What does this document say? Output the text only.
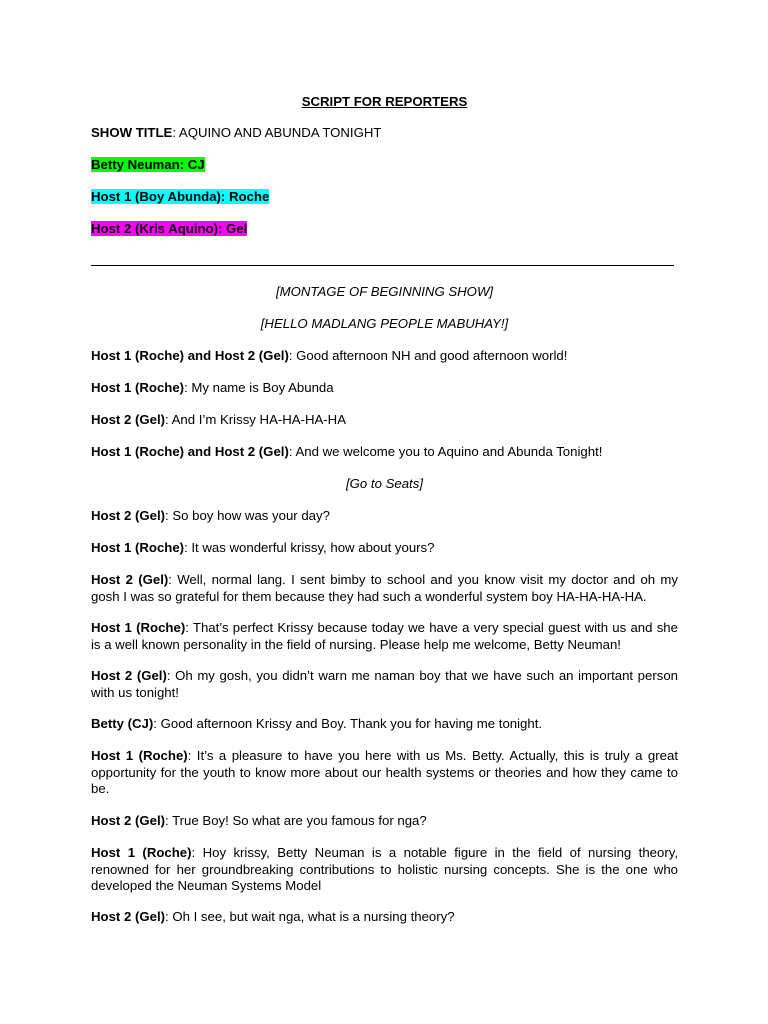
SCRIPT FOR REPORTERS

SHOW TITLE: AQUINO AND ABUNDA TONIGHT

Betty Neuman: CJ

Host 1 (Boy Abunda): Roche

Host 2 (Kris Aquino): Gel

[MONTAGE OF BEGINNING SHOW]

[HELLO MADLANG PEOPLE MABUHAY!]

Host 1 (Roche) and Host 2 (Gel): Good afternoon NH and good afternoon world!

Host 1 (Roche): My name is Boy Abunda

Host 2 (Gel): And I’m Krissy HA-HA-HA-HA

Host 1 (Roche) and Host 2 (Gel): And we welcome you to Aquino and Abunda Tonight!

[Go to Seats]

Host 2 (Gel): So boy how was your day?

Host 1 (Roche): It was wonderful krissy, how about yours?

Host 2 (Gel): Well, normal lang. I sent bimby to school and you know visit my doctor and oh my gosh I was so grateful for them because they had such a wonderful system boy HA-HA-HA-HA.

Host 1 (Roche): That’s perfect Krissy because today we have a very special guest with us and she is a well known personality in the field of nursing. Please help me welcome, Betty Neuman!

Host 2 (Gel): Oh my gosh, you didn’t warn me naman boy that we have such an important person with us tonight!

Betty (CJ): Good afternoon Krissy and Boy. Thank you for having me tonight.

Host 1 (Roche): It’s a pleasure to have you here with us Ms. Betty. Actually, this is truly a great opportunity for the youth to know more about our health systems or theories and how they came to be.

Host 2 (Gel): True Boy! So what are you famous for nga?

Host 1 (Roche): Hoy krissy, Betty Neuman is a notable figure in the field of nursing theory, renowned for her groundbreaking contributions to holistic nursing concepts. She is the one who developed the Neuman Systems Model

Host 2 (Gel): Oh I see, but wait nga, what is a nursing theory?
